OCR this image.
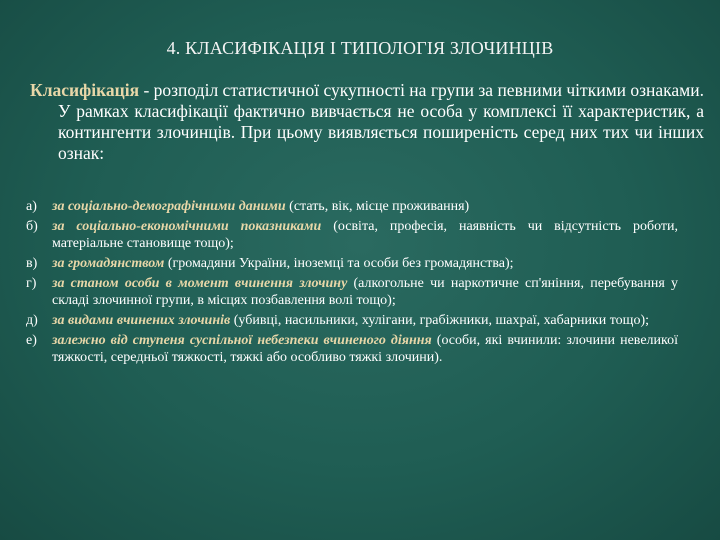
4. КЛАСИФІКАЦІЯ І ТИПОЛОГІЯ ЗЛОЧИНЦІВ
Класифікація - розподіл статистичної сукупності на групи за певними чіткими ознаками. У рамках класифікації фактично вивчається не особа у комплексі її характеристик, а контингенти злочинців. При цьому виявляється поширеність серед них тих чи інших ознак:
а) за соціально-демографічними даними (стать, вік, місце проживання)
б) за соціально-економічними показниками (освіта, професія, наявність чи відсутність роботи, матеріальне становище тощо);
в) за громадянством (громадяни України, іноземці та особи без громадянства);
г) за станом особи в момент вчинення злочину (алкогольне чи наркотичне сп'яніння, перебування у складі злочинної групи, в місцях позбавлення волі тощо);
д) за видами вчинених злочинів (убивці, насильники, хулігани, грабіжники, шахраї, хабарники тощо);
е) залежно від ступеня суспільної небезпеки вчиненого діяння (особи, які вчинили: злочини невеликої тяжкості, середньої тяжкості, тяжкі або особливо тяжкі злочини).
